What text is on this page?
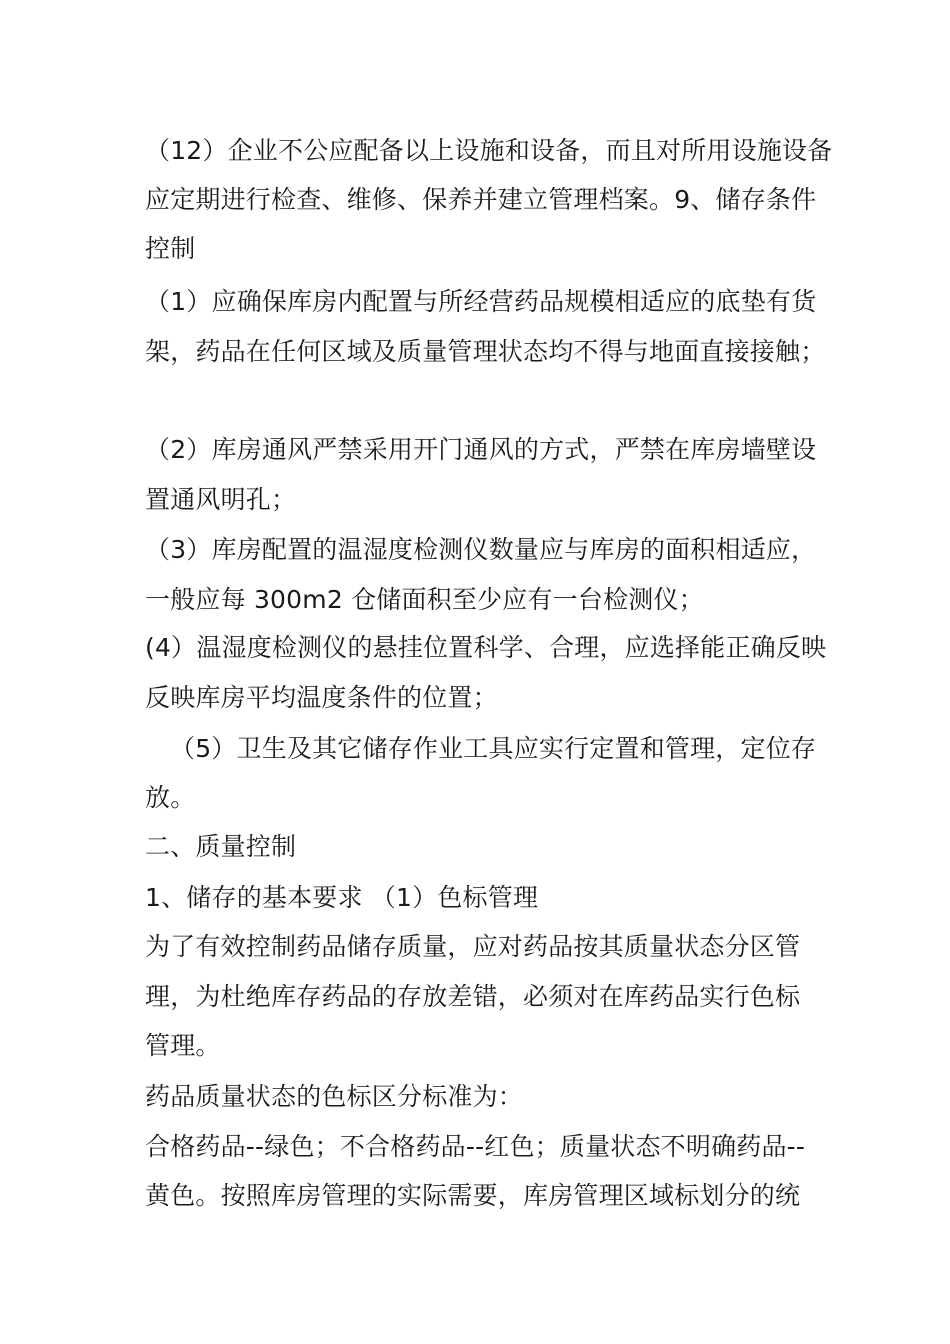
（12）企业不公应配备以上设施和设备，而且对所用设施设备
应定期进行检查、维修、保养并建立管理档案。9、储存条件
控制
（1）应确保库房内配置与所经营药品规模相适应的底垫有货
架，药品在任何区域及质量管理状态均不得与地面直接接触；
（2）库房通风严禁采用开门通风的方式，严禁在库房墙壁设
置通风明孔；
（3）库房配置的温湿度检测仪数量应与库房的面积相适应，
一般应每 300m2 仓储面积至少应有一台检测仪；
(4）温湿度检测仪的悬挂位置科学、合理，应选择能正确反映
反映库房平均温度条件的位置；
（5）卫生及其它储存作业工具应实行定置和管理，定位存
放。
二、质量控制
1、储存的基本要求 （1）色标管理
为了有效控制药品储存质量，应对药品按其质量状态分区管
理，为杜绝库存药品的存放差错，必须对在库药品实行色标
管理。
药品质量状态的色标区分标准为：
合格药品--绿色；不合格药品--红色；质量状态不明确药品--
黄色。按照库房管理的实际需要，库房管理区域标划分的统
